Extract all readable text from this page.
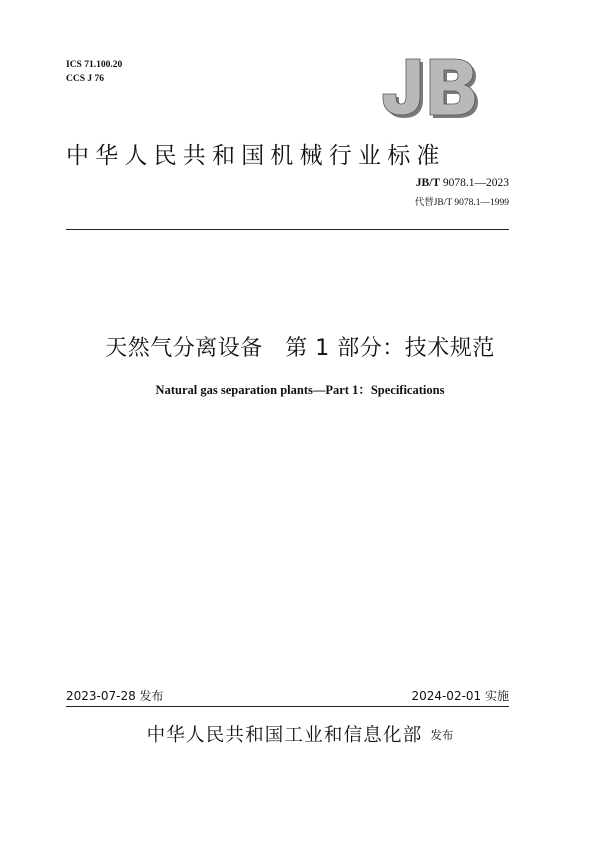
ICS 71.100.20
CCS J 76
中华人民共和国机械行业标准
JB/T 9078.1—2023
代替JB/T 9078.1—1999
天然气分离设备   第 1 部分：技术规范
Natural gas separation plants—Part 1：Specifications
2023-07-28 发布	2024-02-01 实施
中华人民共和国工业和信息化部 发布
